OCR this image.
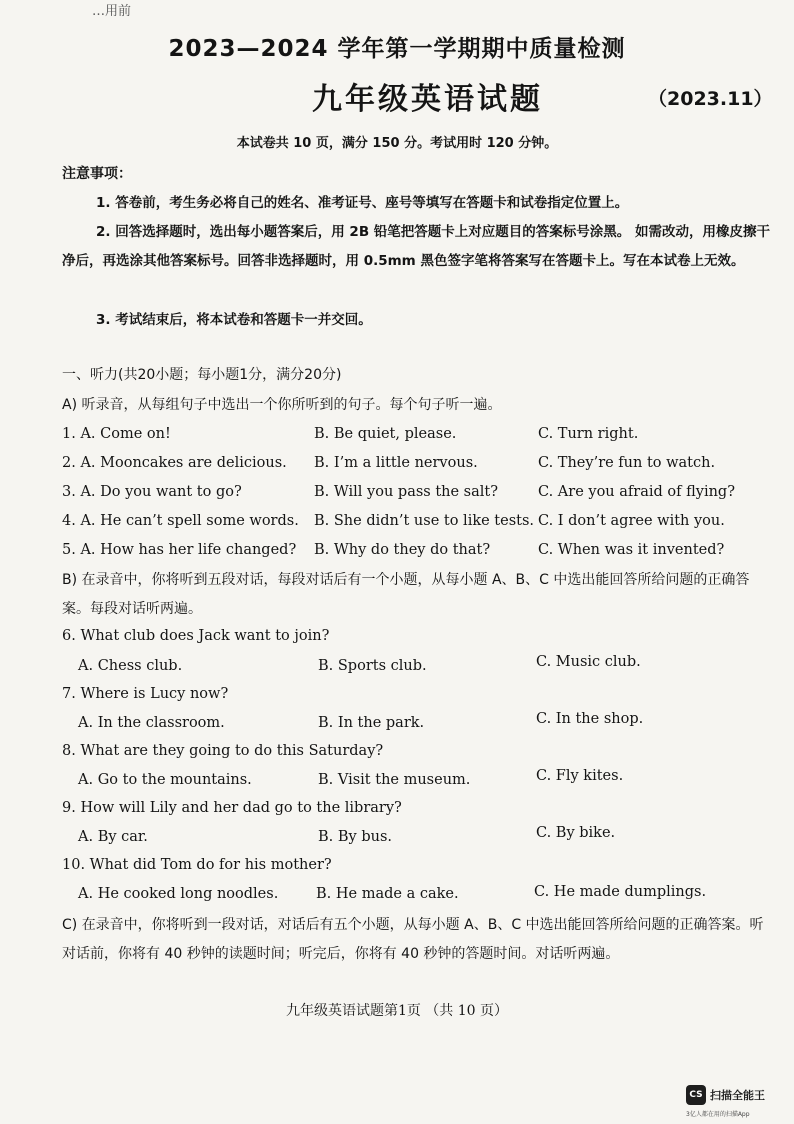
…用前
2023—2024 学年第一学期期中质量检测
九年级英语试题	（2023.11）
本试卷共 10 页，满分 150 分。考试用时 120 分钟。
注意事项：
1. 答卷前，考生务必将自己的姓名、准考证号、座号等填写在答题卡和试卷指定位置上。
2. 回答选择题时，选出每小题答案后，用 2B 铅笔把答题卡上对应题目的答案标号涂黑。 如需改动，用橡皮擦干净后，再选涂其他答案标号。回答非选择题时，用 0.5mm 黑色签字笔将答案写在答题卡上。写在本试卷上无效。
3. 考试结束后，将本试卷和答题卡一并交回。
一、听力(共20小题；每小题1分，满分20分)
A) 听录音，从每组句子中选出一个你所听到的句子。每个句子听一遍。
1. A. Come on!	B. Be quiet, please.	C. Turn right.
2. A. Mooncakes are delicious. B. I’m a little nervous.	C. They’re fun to watch.
3. A. Do you want to go?	B. Will you pass the salt?	C. Are you afraid of flying?
4. A. He can’t spell some words. B. She didn’t use to like tests. C. I don’t agree with you.
5. A. How has her life changed? B. Why do they do that?	C. When was it invented?
B) 在录音中，你将听到五段对话，每段对话后有一个小题，从每小题 A、B、C 中选出能回答所给问题的正确答案。每段对话听两遍。
6. What club does Jack want to join?
A. Chess club.	B. Sports club.	C. Music club.
7. Where is Lucy now?
A. In the classroom.	B. In the park.	C. In the shop.
8. What are they going to do this Saturday?
A. Go to the mountains.	B. Visit the museum.	C. Fly kites.
9. How will Lily and her dad go to the library?
A. By car.	B. By bus.	C. By bike.
10. What did Tom do for his mother?
A. He cooked long noodles.	B. He made a cake.	C. He made dumplings.
C) 在录音中，你将听到一段对话，对话后有五个小题，从每小题 A、B、C 中选出能回答所给问题的正确答案。听对话前，你将有 40 秒钟的读题时间；听完后，你将有 40 秒钟的答题时间。对话听两遍。
九年级英语试题第1页 （共 10 页）
CS 扫描全能王
3亿人都在用的扫描App
